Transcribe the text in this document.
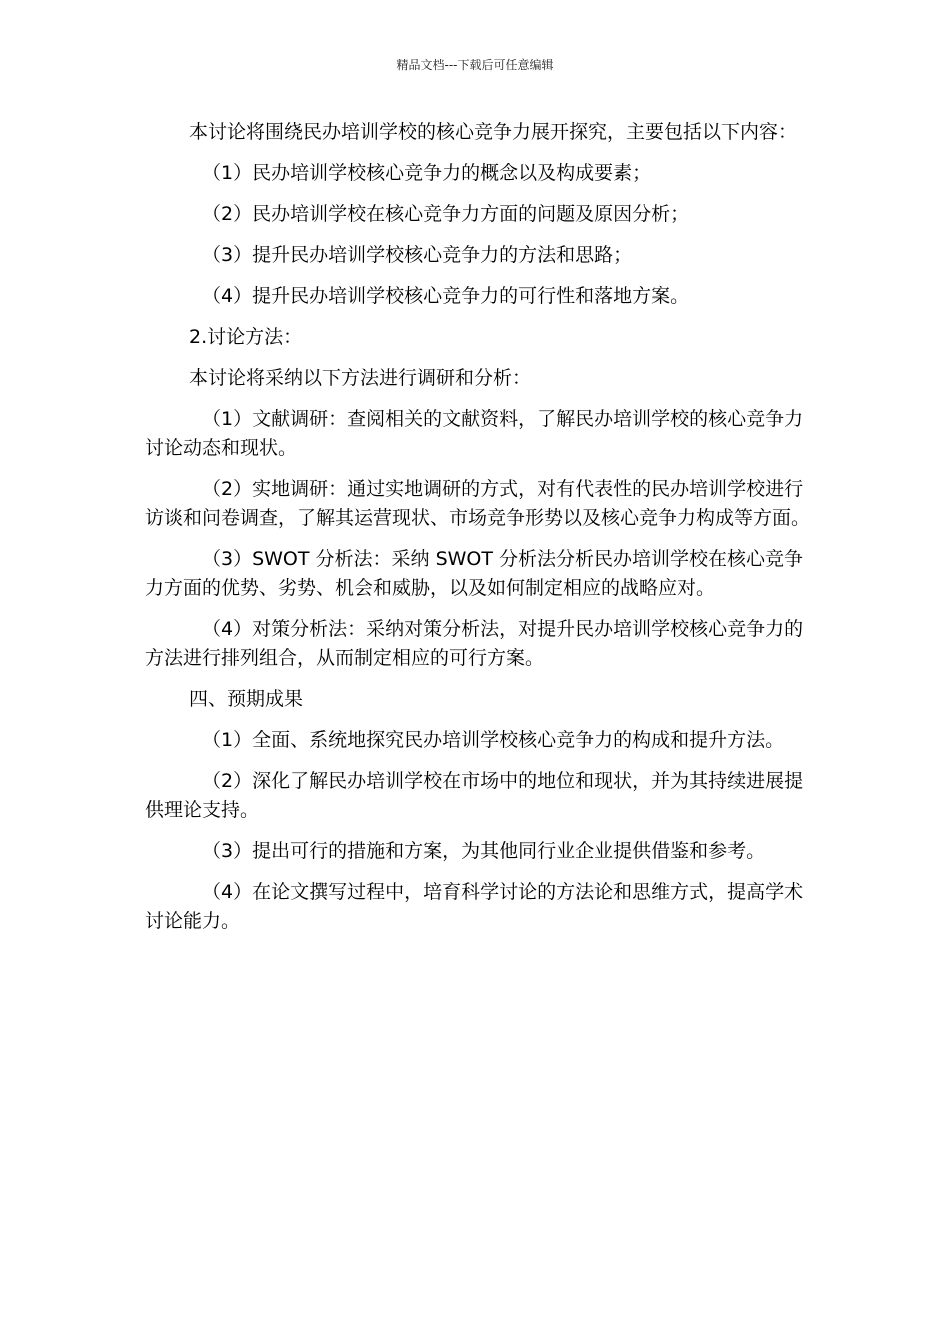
精品文档---下载后可任意编辑

本讨论将围绕民办培训学校的核心竞争力展开探究，主要包括以下内容：

（1）民办培训学校核心竞争力的概念以及构成要素；

（2）民办培训学校在核心竞争力方面的问题及原因分析；

（3）提升民办培训学校核心竞争力的方法和思路；

（4）提升民办培训学校核心竞争力的可行性和落地方案。

2.讨论方法：

本讨论将采纳以下方法进行调研和分析：

（1）文献调研：查阅相关的文献资料，了解民办培训学校的核心竞争力讨论动态和现状。

（2）实地调研：通过实地调研的方式，对有代表性的民办培训学校进行访谈和问卷调查，了解其运营现状、市场竞争形势以及核心竞争力构成等方面。

（3）SWOT 分析法：采纳 SWOT 分析法分析民办培训学校在核心竞争力方面的优势、劣势、机会和威胁，以及如何制定相应的战略应对。

（4）对策分析法：采纳对策分析法，对提升民办培训学校核心竞争力的方法进行排列组合，从而制定相应的可行方案。

四、预期成果

（1）全面、系统地探究民办培训学校核心竞争力的构成和提升方法。

（2）深化了解民办培训学校在市场中的地位和现状，并为其持续进展提供理论支持。

（3）提出可行的措施和方案，为其他同行业企业提供借鉴和参考。

（4）在论文撰写过程中，培育科学讨论的方法论和思维方式，提高学术讨论能力。
